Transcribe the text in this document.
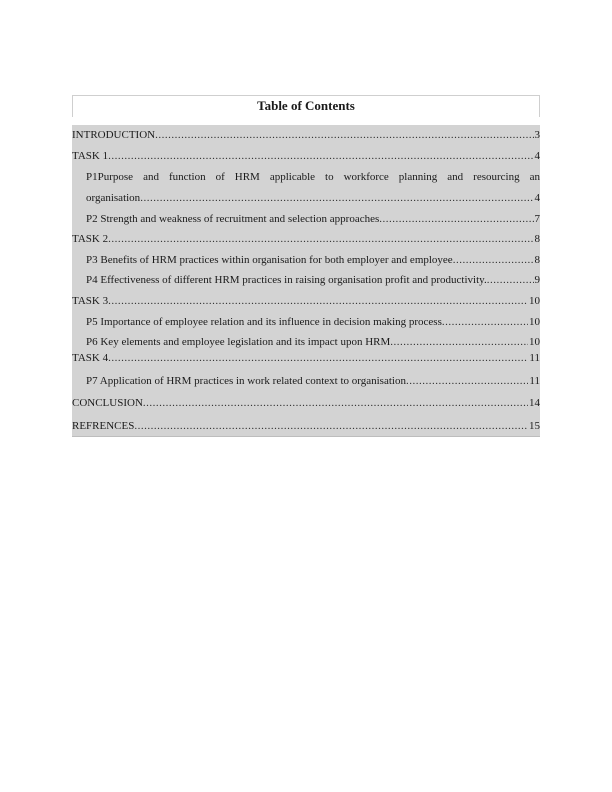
Table of Contents
INTRODUCTION .....	3
TASK 1 .....	4
P1Purpose and function of HRM applicable to workforce planning and resourcing an
organisation .....	4
P2 Strength and weakness of recruitment and selection approaches .....	7
TASK 2 .....	8
P3 Benefits of HRM practices within organisation for both employer and employee .....	8
P4 Effectiveness of different HRM practices in raising organisation profit and productivity. .....	9
TASK 3 .....	10
P5 Importance of employee relation and its influence in decision making process .....	10
P6 Key elements and employee legislation and its impact upon HRM .....	10
TASK 4 .....	11
P7 Application of HRM practices in work related context to organisation .....	11
CONCLUSION .....	14
REFRENCES .....	15
